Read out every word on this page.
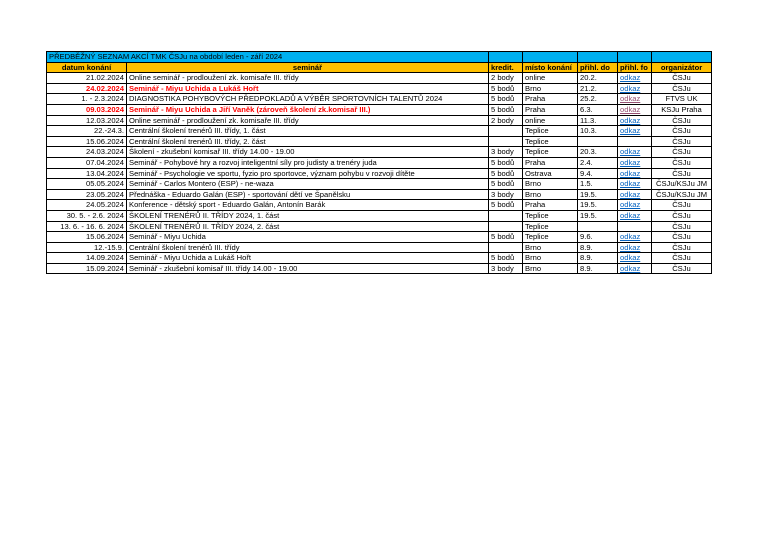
PŘEDBĚŽNÝ SEZNAM AKCÍ TMK ČSJu na období leden - září 2024						
datum konání	seminář	kredit.	místo konání	přihl. do	přihl. fo	organizátor
21.02.2024	Online seminář - prodloužení zk. komisaře III. třídy	2 body	online	20.2.	odkaz	ČSJu
24.02.2024	Seminář - Miyu Uchida a Lukáš Hořt	5 bodů	Brno	21.2.	odkaz	ČSJu
1. - 2.3.2024	DIAGNOSTIKA POHYBOVÝCH PŘEDPOKLADŮ A VÝBĚR SPORTOVNÍCH TALENTŮ 2024	5 bodů	Praha	25.2.	odkaz	FTVS UK
09.03.2024	Seminář - Miyu Uchida a Jiří Vaněk (zároveň školení zk.komisař III.)	5 bodů	Praha	6.3.	odkaz	KSJu Praha
12.03.2024	Online seminář - prodloužení zk. komisaře III. třídy	2 body	online	11.3.	odkaz	ČSJu
22.-24.3.	Centrální školení trenérů III. třídy, 1. část		Teplice	10.3.	odkaz	ČSJu
15.06.2024	Centrální školení trenérů III. třídy, 2. část		Teplice			ČSJu
24.03.2024	Školení - zkušební komisař III. třídy 14.00 - 19.00	3 body	Teplice	20.3.	odkaz	ČSJu
07.04.2024	Seminář - Pohybové hry a rozvoj inteligentní síly pro judisty a trenéry juda	5 bodů	Praha	2.4.	odkaz	ČSJu
13.04.2024	Seminář - Psychologie ve sportu, fyzio pro sportovce, význam pohybu v rozvoji dítěte	5 bodů	Ostrava	9.4.	odkaz	ČSJu
05.05.2024	Seminář - Carlos Montero (ESP) - ne-waza	5 bodů	Brno	1.5.	odkaz	ČSJu/KSJu JM
23.05.2024	Přednáška - Eduardo Galán (ESP) - sportování dětí ve Španělsku	3 body	Brno	19.5.	odkaz	ČSJu/KSJu JM
24.05.2024	Konference - dětský sport - Eduardo Galán, Antonín Barák	5 bodů	Praha	19.5.	odkaz	ČSJu
30. 5. - 2.6. 2024	ŠKOLENÍ TRENÉRŮ II. TŘÍDY 2024, 1. část		Teplice	19.5.	odkaz	ČSJu
13. 6. - 16. 6. 2024	ŠKOLENÍ TRENÉRŮ II. TŘÍDY 2024, 2. část		Teplice			ČSJu
15.06.2024	Seminář - Miyu Uchida	5 bodů	Teplice	9.6.	odkaz	ČSJu
12.-15.9.	Centrální školení trenérů III. třídy		Brno	8.9.	odkaz	ČSJu
14.09.2024	Seminář - Miyu Uchida a Lukáš Hořt	5 bodů	Brno	8.9.	odkaz	ČSJu
15.09.2024	Seminář - zkušební komisař III. třídy 14.00 - 19.00	3 body	Brno	8.9.	odkaz	ČSJu
